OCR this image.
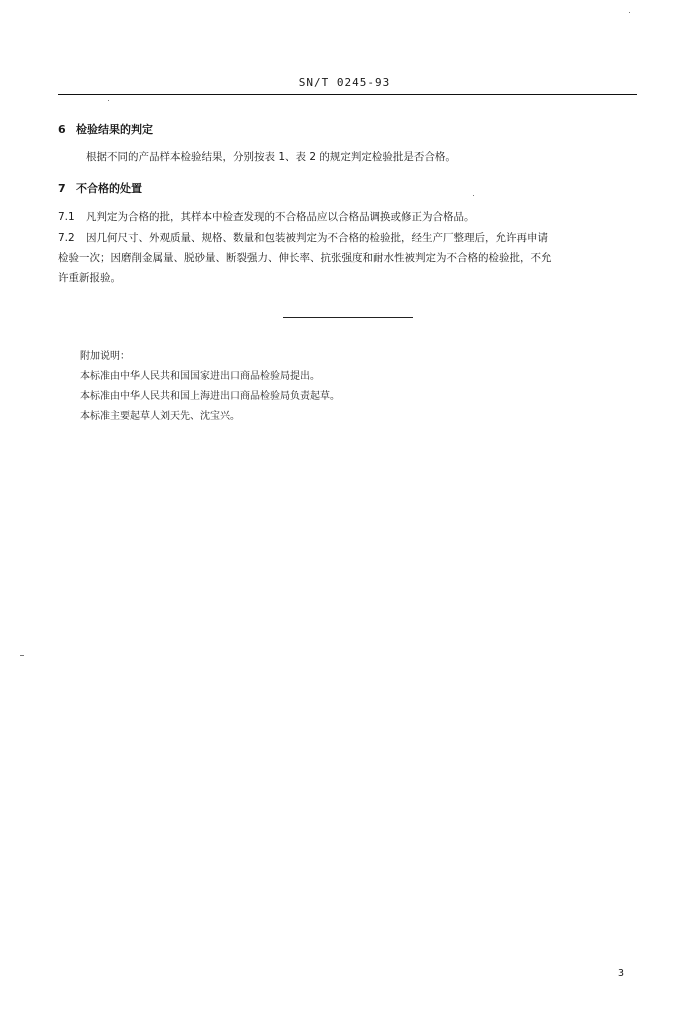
SN/T 0245-93
6 检验结果的判定
根据不同的产品样本检验结果，分别按表 1、表 2 的规定判定检验批是否合格。
7 不合格的处置
7.1 凡判定为合格的批，其样本中检查发现的不合格品应以合格品调换或修正为合格品。
7.2 因几何尺寸、外观质量、规格、数量和包装被判定为不合格的检验批，经生产厂整理后，允许再申请
检验一次；因磨削金属量、脱砂量、断裂强力、伸长率、抗张强度和耐水性被判定为不合格的检验批，不允
许重新报验。
附加说明：
本标准由中华人民共和国国家进出口商品检验局提出。
本标准由中华人民共和国上海进出口商品检验局负责起草。
本标准主要起草人刘天先、沈宝兴。
3
